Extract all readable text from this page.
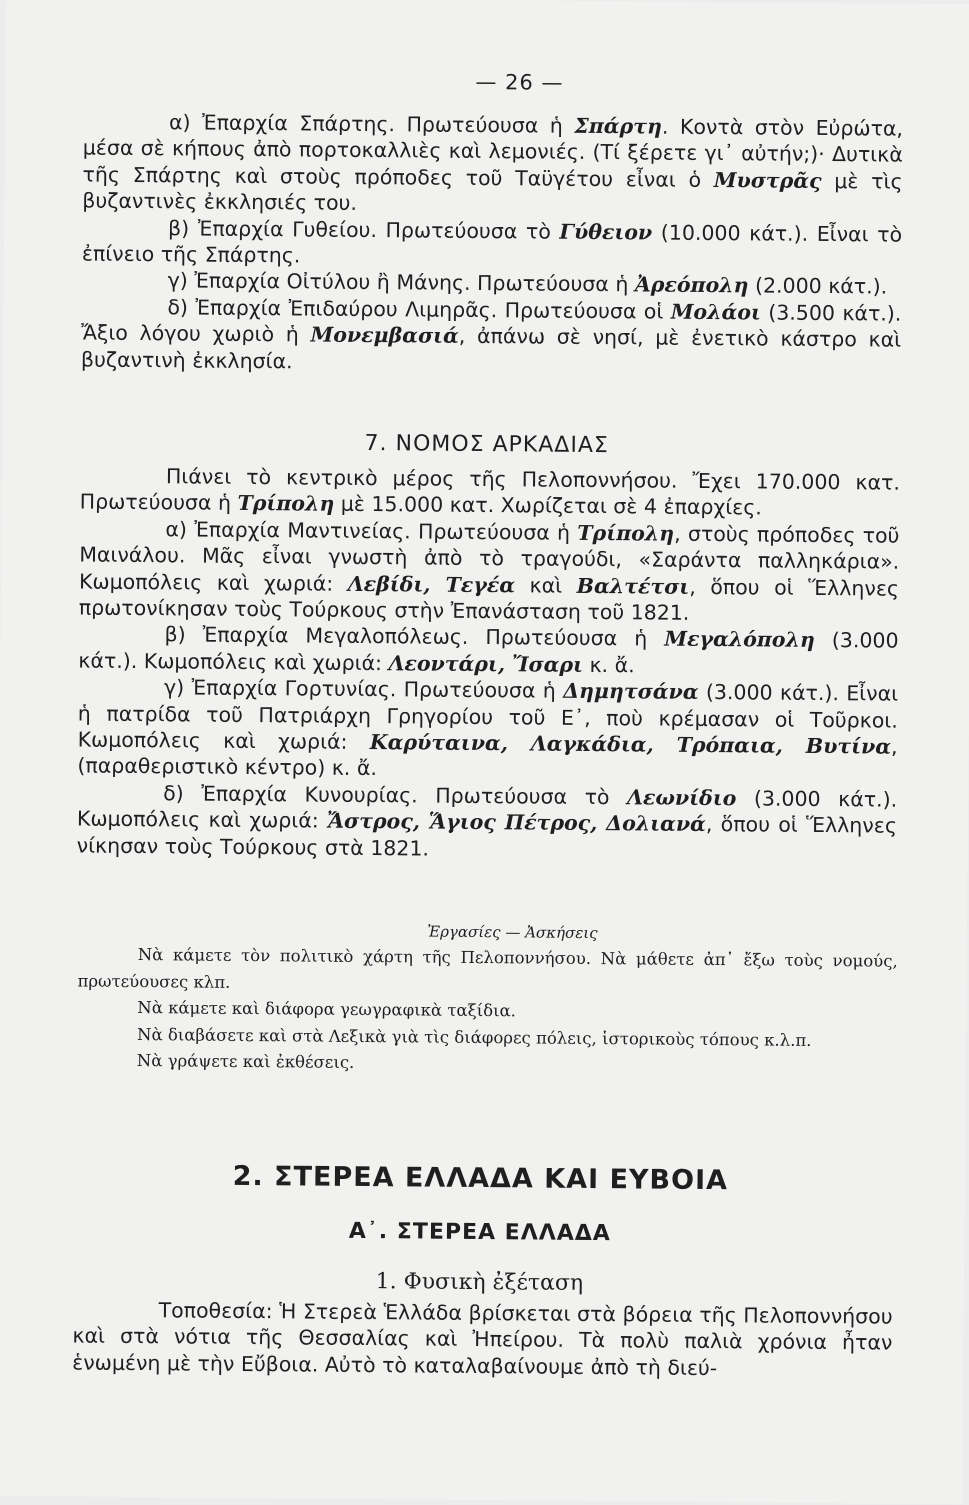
— 26 —

α) Ἐπαρχία Σπάρτης. Πρωτεύουσα ἡ Σπάρτη. Κοντὰ στὸν Εὐρώτα, μέσα σὲ κήπους ἀπὸ πορτοκαλλιὲς καὶ λεμονιές. (Τί ξέρετε γι᾽ αὐτήν;)· Δυτικὰ τῆς Σπάρτης καὶ στοὺς πρόποδες τοῦ Ταϋγέτου εἶναι ὁ Μυστρᾶς μὲ τὶς βυζαντινὲς ἐκκλησιές του.

β) Ἐπαρχία Γυθείου. Πρωτεύουσα τὸ Γύθειον (10.000 κάτ.). Εἶναι τὸ ἐπίνειο τῆς Σπάρτης.

γ) Ἐπαρχία Οἰτύλου ἢ Μάνης. Πρωτεύουσα ἡ Ἀρεόπολη (2.000 κάτ.).

δ) Ἐπαρχία Ἐπιδαύρου Λιμηρᾶς. Πρωτεύουσα οἱ Μολάοι (3.500 κάτ.). Ἄξιο λόγου χωριὸ ἡ Μονεμβασιά, ἀπάνω σὲ νησί, μὲ ἐνετικὸ κάστρο καὶ βυζαντινὴ ἐκκλησία.

7. ΝΟΜΟΣ ΑΡΚΑΔΙΑΣ

Πιάνει τὸ κεντρικὸ μέρος τῆς Πελοποννήσου. Ἔχει 170.000 κατ. Πρωτεύουσα ἡ Τρίπολη μὲ 15.000 κατ. Χωρίζεται σὲ 4 ἐπαρχίες.

α) Ἐπαρχία Μαντινείας. Πρωτεύουσα ἡ Τρίπολη, στοὺς πρόποδες τοῦ Μαινάλου. Μᾶς εἶναι γνωστὴ ἀπὸ τὸ τραγούδι, «Σαράντα παλληκάρια». Κωμοπόλεις καὶ χωριά: Λεβίδι, Τεγέα καὶ Βαλτέτσι, ὅπου οἱ Ἕλληνες πρωτονίκησαν τοὺς Τούρκους στὴν Ἐπανάσταση τοῦ 1821.

β) Ἐπαρχία Μεγαλοπόλεως. Πρωτεύουσα ἡ Μεγαλόπολη (3.000 κάτ.). Κωμοπόλεις καὶ χωριά: Λεοντάρι, Ἴσαρι κ. ἄ.

γ) Ἐπαρχία Γορτυνίας. Πρωτεύουσα ἡ Δημητσάνα (3.000 κάτ.). Εἶναι ἡ πατρίδα τοῦ Πατριάρχη Γρηγορίου τοῦ Ε᾽, ποὺ κρέμασαν οἱ Τοῦρκοι. Κωμοπόλεις καὶ χωριά: Καρύταινα, Λαγκάδια, Τρόπαια, Βυτίνα, (παραθεριστικὸ κέντρο) κ. ἄ.

δ) Ἐπαρχία Κυνουρίας. Πρωτεύουσα τὸ Λεωνίδιο (3.000 κάτ.). Κωμοπόλεις καὶ χωριά: Ἄστρος, Ἅγιος Πέτρος, Δολιανά, ὅπου οἱ Ἕλληνες νίκησαν τοὺς Τούρκους στὰ 1821.

Ἐργασίες — Ἀσκήσεις

Νὰ κάμετε τὸν πολιτικὸ χάρτη τῆς Πελοποννήσου. Νὰ μάθετε ἀπ᾽ ἔξω τοὺς νομούς, πρωτεύουσες κλπ.

Νὰ κάμετε καὶ διάφορα γεωγραφικὰ ταξίδια.

Νὰ διαβάσετε καὶ στὰ Λεξικὰ γιὰ τὶς διάφορες πόλεις, ἱστορικοὺς τόπους κ.λ.π.

Νὰ γράψετε καὶ ἐκθέσεις.

2. ΣΤΕΡΕΑ ΕΛΛΑΔΑ ΚΑΙ ΕΥΒΟΙΑ
Α᾽. ΣΤΕΡΕΑ ΕΛΛΑΔΑ
1. Φυσικὴ ἐξέταση

Τοποθεσία: Ἡ Στερεὰ Ἑλλάδα βρίσκεται στὰ βόρεια τῆς Πελοποννήσου καὶ στὰ νότια τῆς Θεσσαλίας καὶ Ἠπείρου. Τὰ πολὺ παλιὰ χρόνια ἦταν ἑνωμένη μὲ τὴν Εὔβοια. Αὐτὸ τὸ καταλαβαίνουμε ἀπὸ τὴ διεύ-
